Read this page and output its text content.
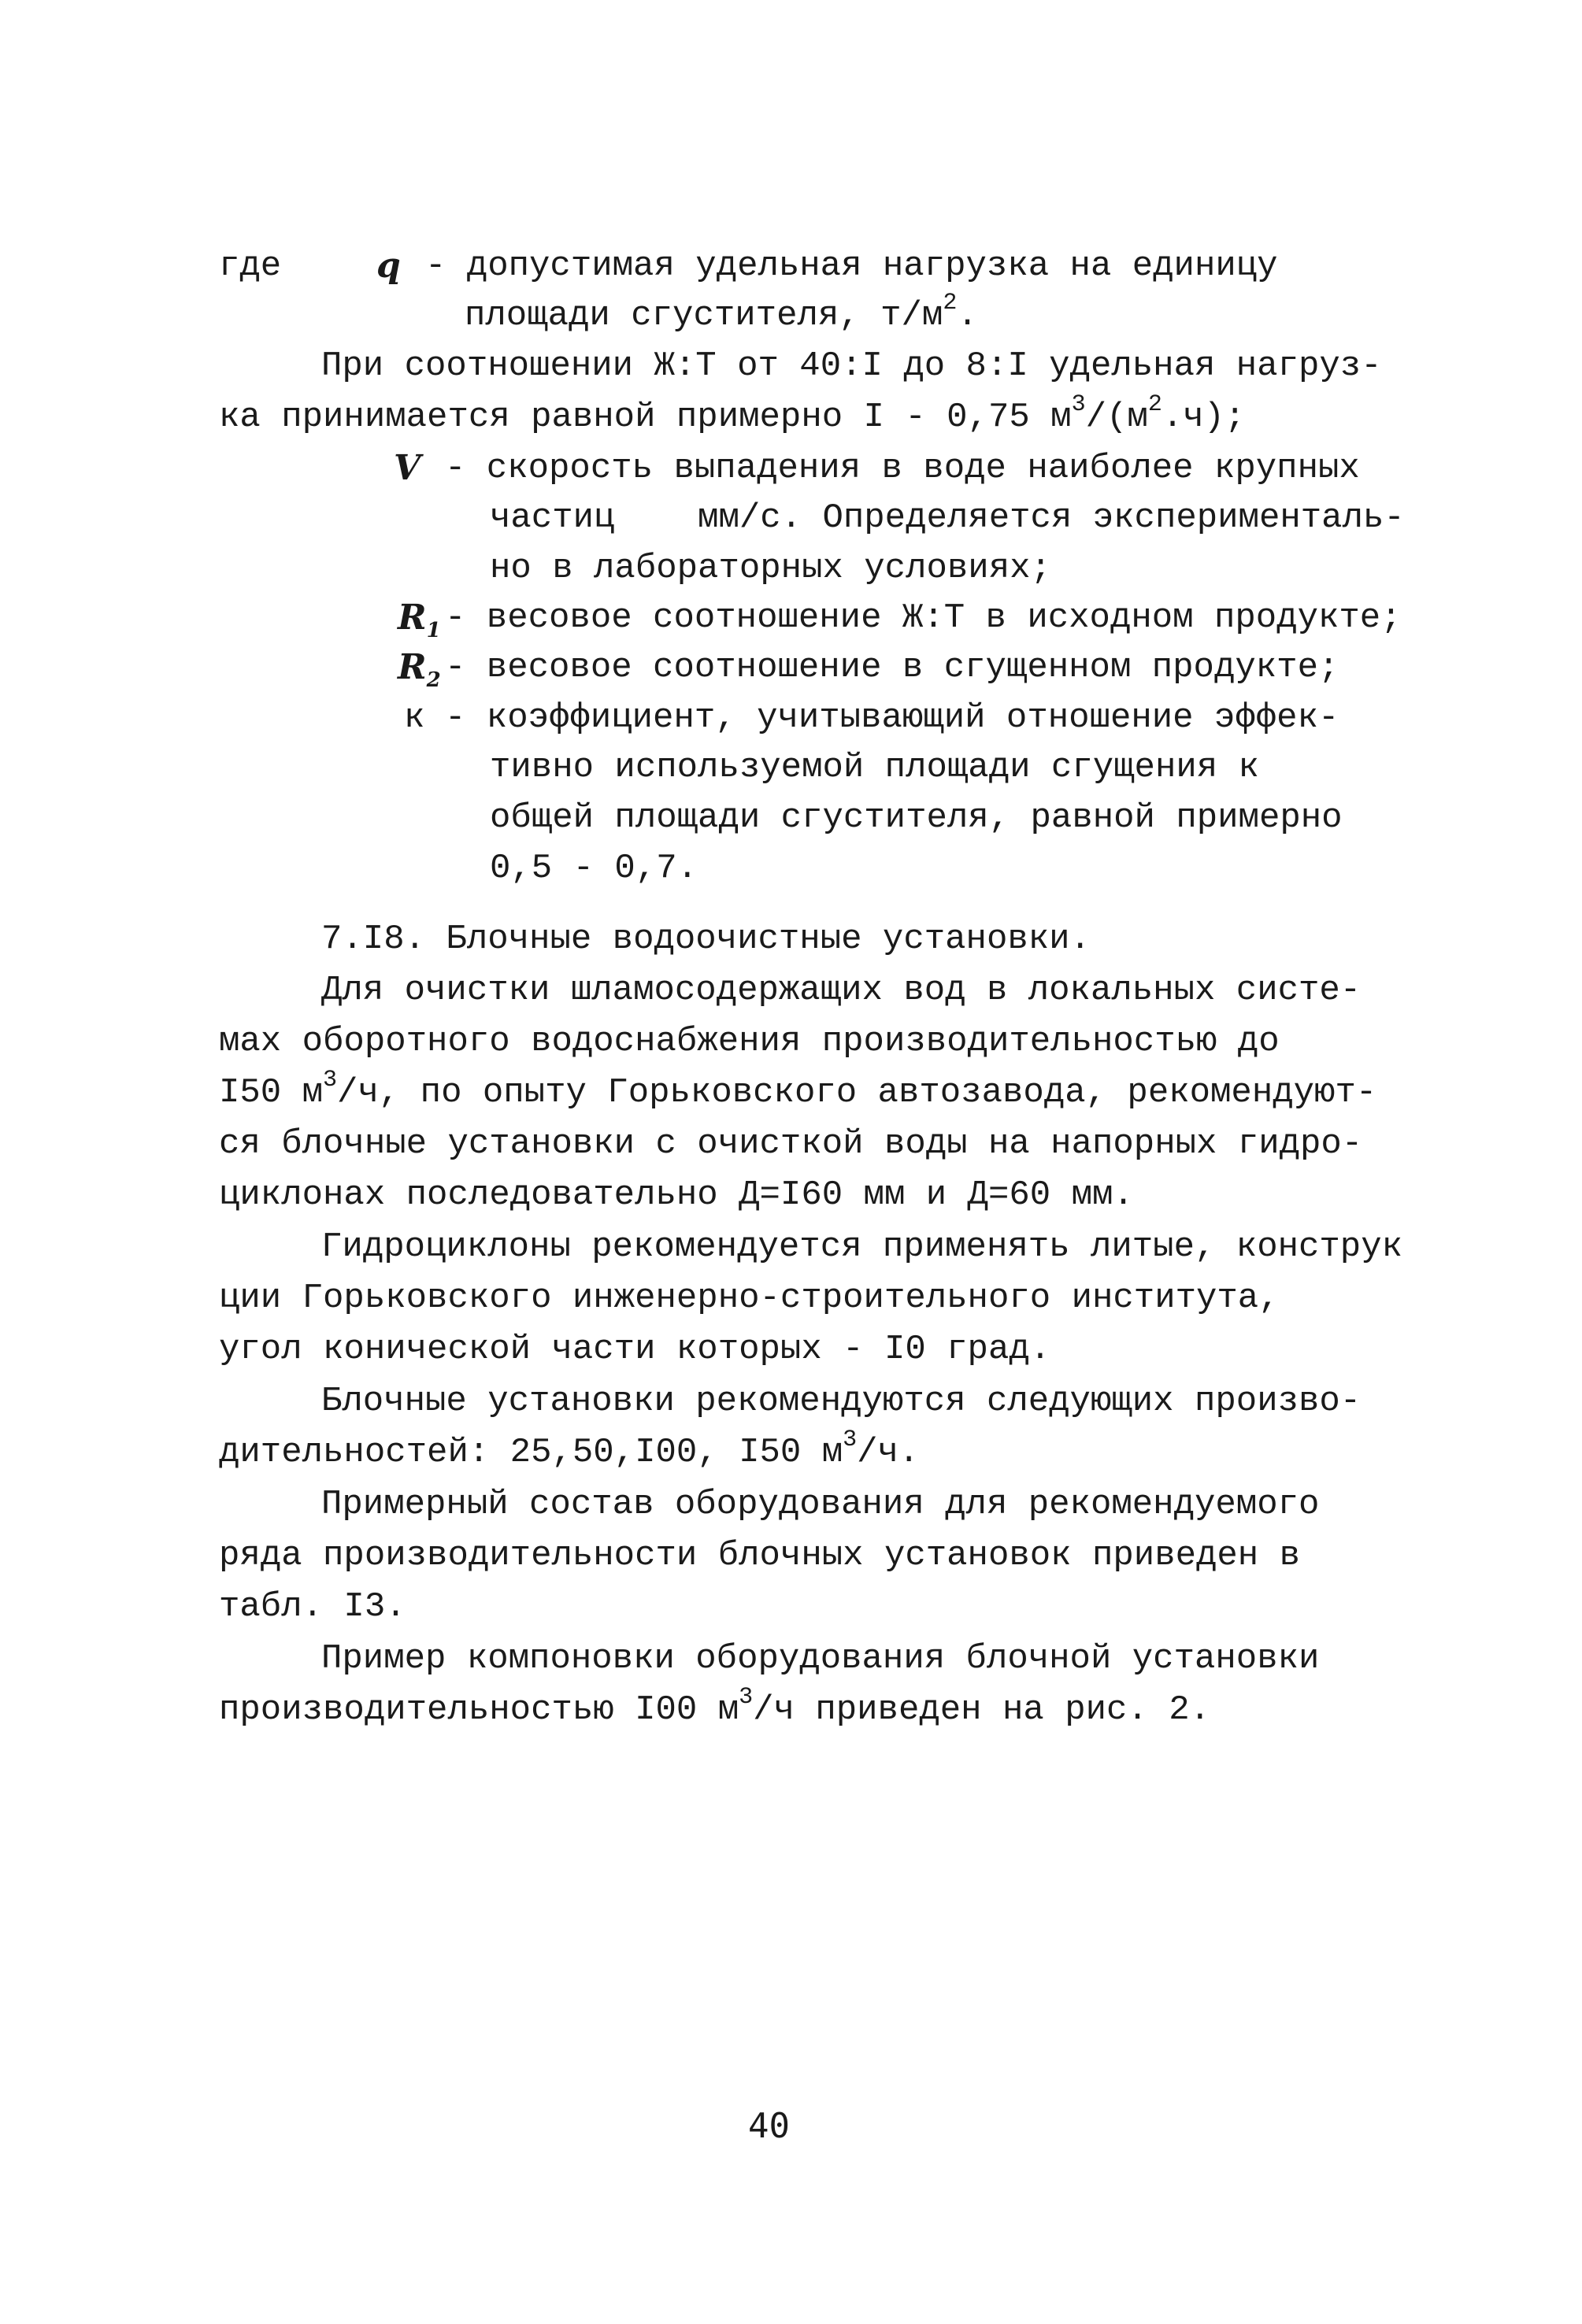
где	q - допустимая удельная нагрузка на единицу
площади сгустителя, $т/м^2$.
При соотношении Ж:Т от 40:I до 8:I удельная нагруз-
ка принимается равной примерно I - 0,75 $м^3/(м^2.ч)$;
V - скорость выпадения в воде наиболее крупных
частиц    мм/с. Определяется эксперименталь-
но в лабораторных условиях;
$R_1$ - весовое соотношение Ж:Т в исходном продукте;
$R_2$ - весовое соотношение в сгущенном продукте;
к - коэффициент, учитывающий отношение эффек-
тивно используемой площади сгущения к
общей площади сгустителя, равной примерно
0,5 - 0,7.
7.I8. Блочные водоочистные установки.
Для очистки шламосодержащих вод в локальных систе-
мах оборотного водоснабжения производительностью до
I50 $м^3/ч$, по опыту Горьковского автозавода, рекомендуют-
ся блочные установки с очисткой воды на напорных гидро-
циклонах последовательно Д=I60 мм и Д=60 мм.
Гидроциклоны рекомендуется применять литые, конструк
ции Горьковского инженерно-строительного института,
угол конической части которых - I0 град.
Блочные установки рекомендуются следующих произво-
дительностей: 25,50,I00, I50 $м^3/ч$.
Примерный состав оборудования для рекомендуемого
ряда производительности блочных установок приведен в
табл. I3.
Пример компоновки оборудования блочной установки
производительностью I00 $м^3/ч$ приведен на рис. 2.
40
